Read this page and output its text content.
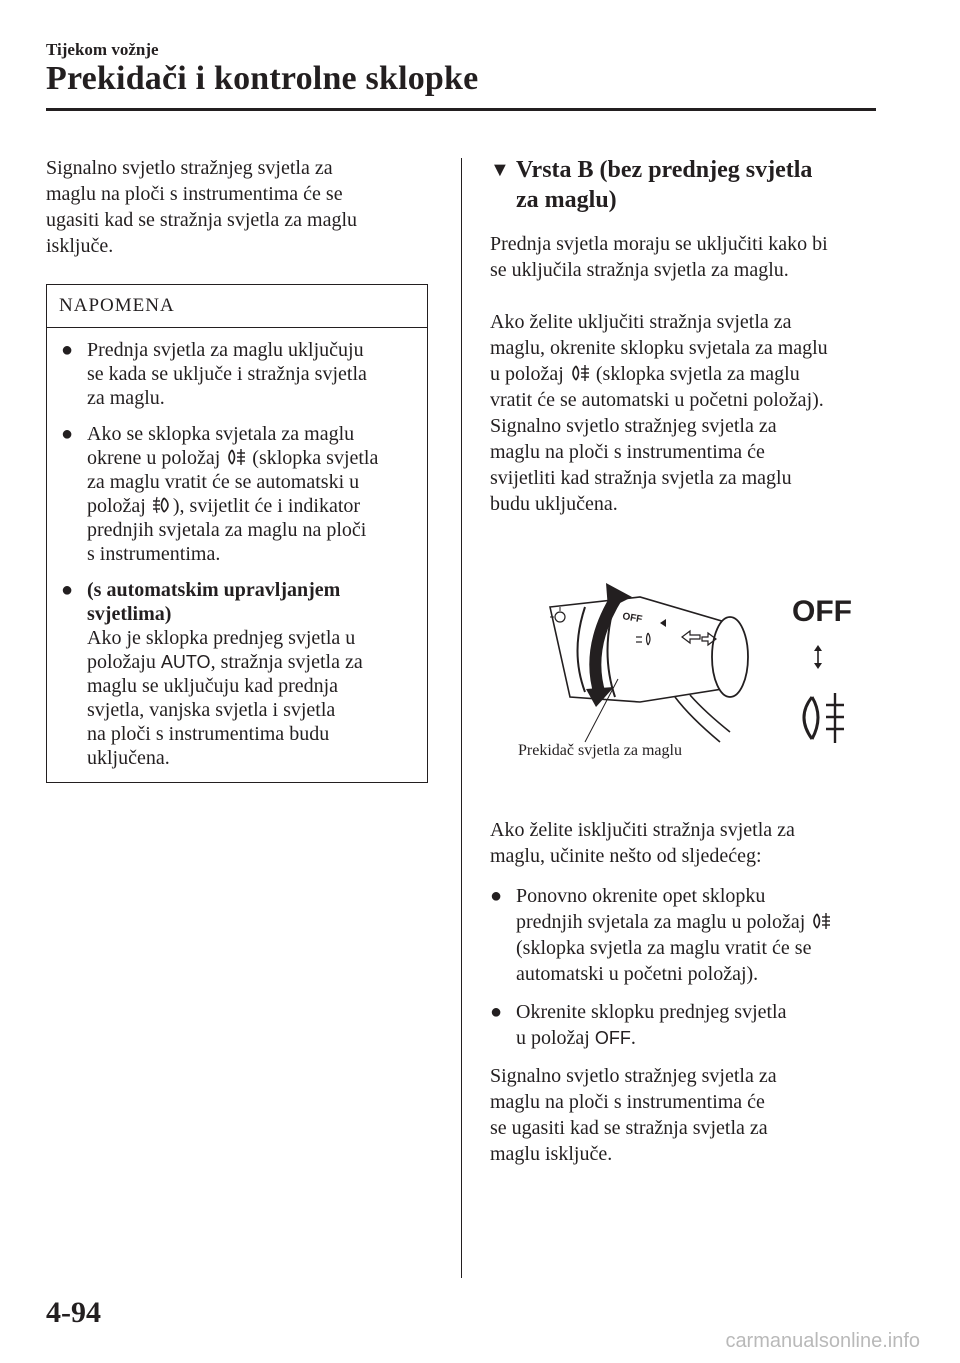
Tijekom vožnje
Prekidači i kontrolne sklopke

Signalno svjetlo stražnjeg svjetla za
maglu na ploči s instrumentima će se
ugasiti kad se stražnja svjetla za maglu
isključe.

NAPOMENA
● Prednja svjetla za maglu uključuju
se kada se uključe i stražnja svjetla
za maglu.
● Ako se sklopka svjetala za maglu
okrene u položaj  (sklopka svjetla
za maglu vratit će se automatski u
položaj ), svijetlit će i indikator
prednjih svjetala za maglu na ploči
s instrumentima.
● (s automatskim upravljanjem
svjetlima)
Ako je sklopka prednjeg svjetla u
položaju AUTO, stražnja svjetla za
maglu se uključuju kad prednja
svjetla, vanjska svjetla i svjetla
na ploči s instrumentima budu
uključena.
▼ Vrsta B (bez prednjeg svjetla
za maglu)

Prednja svjetla moraju se uključiti kako bi
se uključila stražnja svjetla za maglu.

Ako želite uključiti stražnja svjetla za
maglu, okrenite sklopku svjetala za maglu
u položaj  (sklopka svjetla za maglu
vratit će se automatski u početni položaj).
Signalno svjetlo stražnjeg svjetla za
maglu na ploči s instrumentima će
svijetliti kad stražnja svjetla za maglu
budu uključena.

OFF	OFF
Prekidač svjetla za maglu

Ako želite isključiti stražnja svjetla za
maglu, učinite nešto od sljedećeg:

● Ponovno okrenite opet sklopku
prednjih svjetala za maglu u položaj
(sklopka svjetla za maglu vratit će se
automatski u početni položaj).
● Okrenite sklopku prednjeg svjetla
u položaj OFF.

Signalno svjetlo stražnjeg svjetla za
maglu na ploči s instrumentima će
se ugasiti kad se stražnja svjetla za
maglu isključe.

4-94
carmanualsonline.info
